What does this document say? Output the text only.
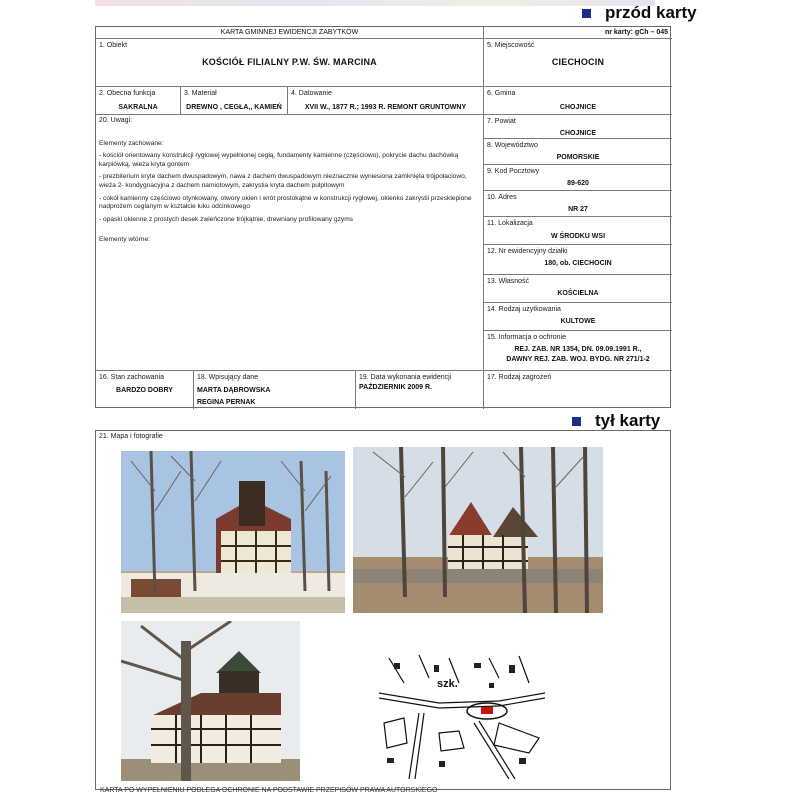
przód karty
KARTA GMINNEJ EWIDENCJI ZABYTKÓW	nr karty: gCh – 045
1. Obiekt
KOŚCIÓŁ FILIALNY P.W. ŚW. MARCINA
5. Miejscowość
CIECHOCIN
2. Obecna funkcja
SAKRALNA
3. Materiał
DREWNO , CEGŁA,, KAMIEŃ
4. Datowanie
XVII W., 1877 R.; 1993 R. REMONT GRUNTOWNY
6. Gmina
CHOJNICE

20. Uwagi:

Elementy zachowane:

- kościół orientowany konstrukcji ryglowej wypełnionej cegłą, fundamenty kamienne (częściowo), pokrycie dachu dachówką karpiówką, wieża kryta gontem

- prezbiterium kryte dachem dwuspadowym, nawa z dachem dwuspadowym nieznacznie wyniesiona zamknięta trójpołaciowo, wieża 2- kondygnacyjna z dachem namiotowym, zakrystia kryta dachem pulpitowym

- cokół kamienny częściowo otynkowany, otwory okien i wrót prostokątne w konstrukcji ryglowej, okienko zakrystii przesklepione nadprożem ceglanym w kształcie łuku odcinkowego

- opaski okienne z prostych desek zwieńczone trójkątnie, drewniany profilowany gzyms

Elementy wtórne:

7. Powiat
CHOJNICE
8. Województwo
POMORSKIE
9. Kod Pocztowy
89-620
10. Adres
NR 27
11. Lokalizacja
W ŚRODKU WSI
12. Nr ewidencyjny działki
180, ob. CIECHOCIN
13. Własność
KOŚCIELNA
14. Rodzaj użytkowania
KULTOWE
15. Informacja o ochronie
REJ. ZAB. NR 1354, DN. 09.09.1991 R.,
DAWNY REJ. ZAB. WOJ. BYDG. NR 271/1-2
16. Stan zachowania
BARDZO DOBRY
18. Wpisujący dane
MARTA DĄBROWSKA
REGINA PERNAK
19. Data wykonania ewidencji
PAŹDZIERNIK 2009 R.
17. Rodzaj zagrożeń
tył karty
21. Mapa i fotografie
szk.
KARTA PO WYPEŁNIENIU PODLEGA OCHRONIE NA PODSTAWIE PRZEPISÓW PRAWA AUTORSKIEGO
